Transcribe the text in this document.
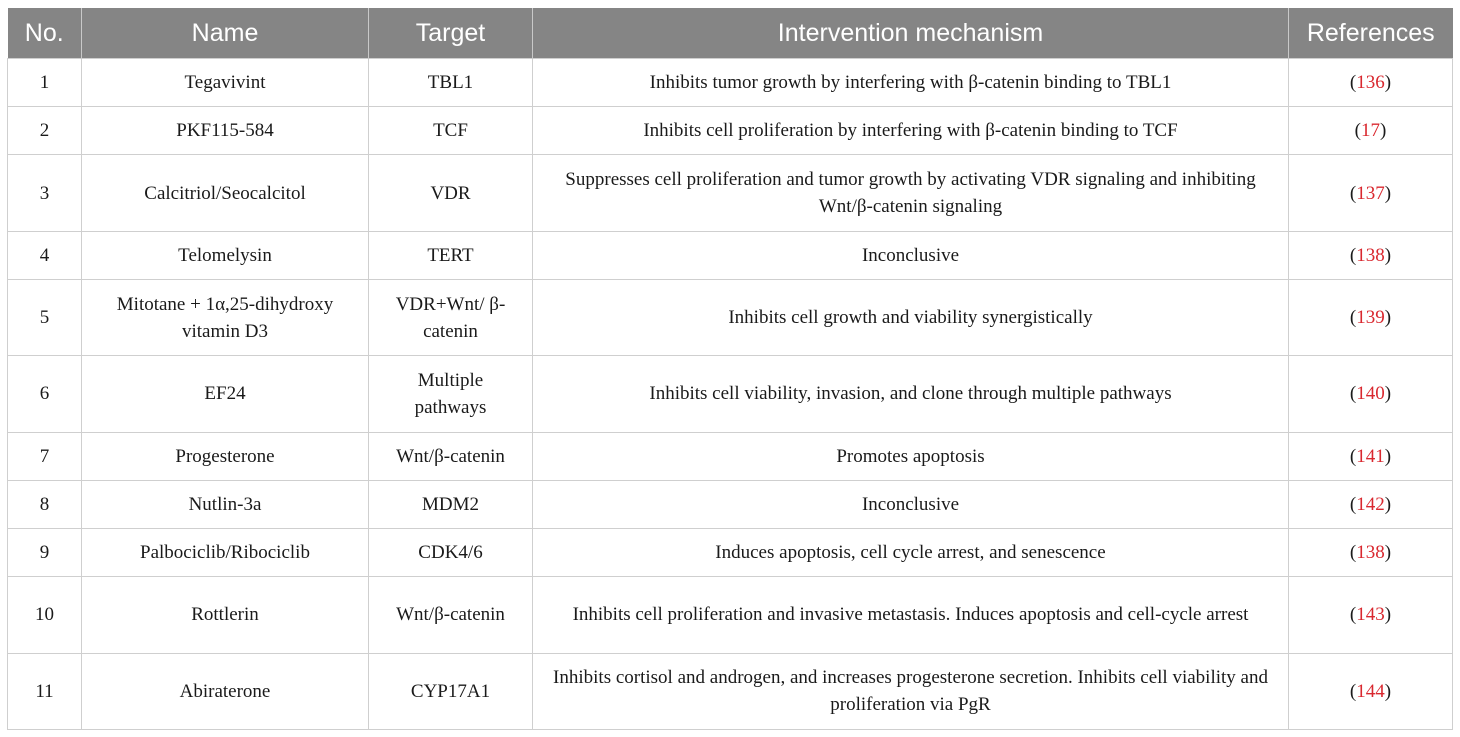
No.	Name	Target	Intervention mechanism	References
1	Tegavivint	TBL1	Inhibits tumor growth by interfering with β-catenin binding to TBL1	(136)
2	PKF115-584	TCF	Inhibits cell proliferation by interfering with β-catenin binding to TCF	(17)
3	Calcitriol/Seocalcitol	VDR	Suppresses cell proliferation and tumor growth by activating VDR signaling and inhibiting Wnt/β-catenin signaling	(137)
4	Telomelysin	TERT	Inconclusive	(138)
5	Mitotane + 1α,25-dihydroxy vitamin D3	VDR+Wnt/ β-catenin	Inhibits cell growth and viability synergistically	(139)
6	EF24	Multiple pathways	Inhibits cell viability, invasion, and clone through multiple pathways	(140)
7	Progesterone	Wnt/β-catenin	Promotes apoptosis	(141)
8	Nutlin-3a	MDM2	Inconclusive	(142)
9	Palbociclib/Ribociclib	CDK4/6	Induces apoptosis, cell cycle arrest, and senescence	(138)
10	Rottlerin	Wnt/β-catenin	Inhibits cell proliferation and invasive metastasis. Induces apoptosis and cell-cycle arrest	(143)
11	Abiraterone	CYP17A1	Inhibits cortisol and androgen, and increases progesterone secretion. Inhibits cell viability and proliferation via PgR	(144)
